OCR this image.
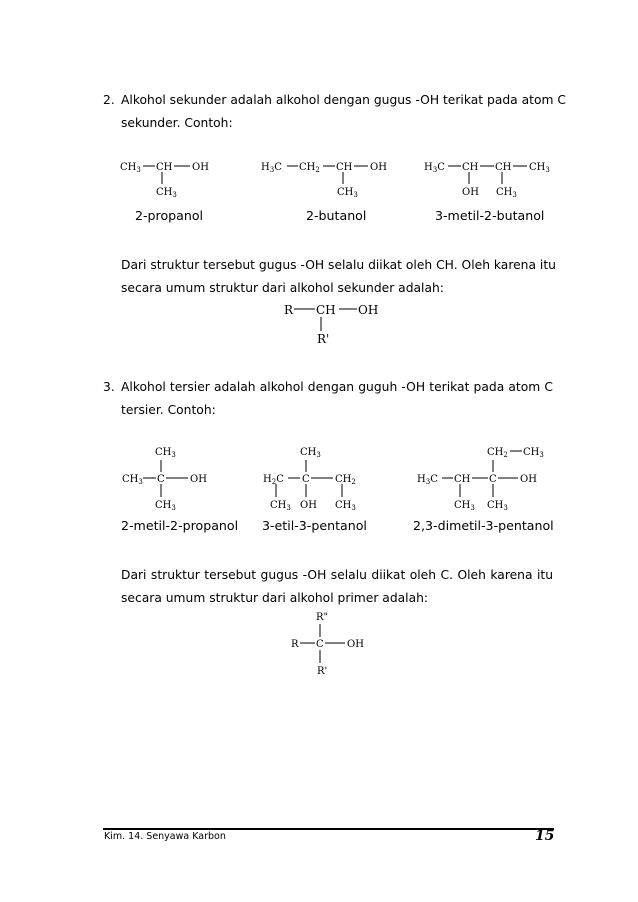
2. Alkohol sekunder adalah alkohol dengan gugus -OH terikat pada atom C
sekunder. Contoh:
$CH_3$ CH OH
$CH_3$
$H_3C$ $CH_2$ CH OH
$CH_3$
$H_3C$ CH CH $CH_3$
OH $CH_3$
2-propanol	2-butanol	3-metil-2-butanol
Dari struktur tersebut gugus -OH selalu diikat oleh CH. Oleh karena itu
secara umum struktur dari alkohol sekunder adalah:
R CH OH
R'
3. Alkohol tersier adalah alkohol dengan guguh -OH terikat pada atom C
tersier. Contoh:
$CH_3$
$CH_3$ C	OH
$CH_3$
$CH_3$
$H_2C$ C	$CH_2$
$CH_3$ OH $CH_3$
$CH_2$ $CH_3$
$H_3C$ CH C OH
$CH_3$ $CH_3$
2-metil-2-propanol 3-etil-3-pentanol	2,3-dimetil-3-pentanol
Dari struktur tersebut gugus -OH selalu diikat oleh C. Oleh karena itu
secara umum struktur dari alkohol primer adalah:
R"
R C OH
R'
Kim. 14. Senyawa Karbon	15
